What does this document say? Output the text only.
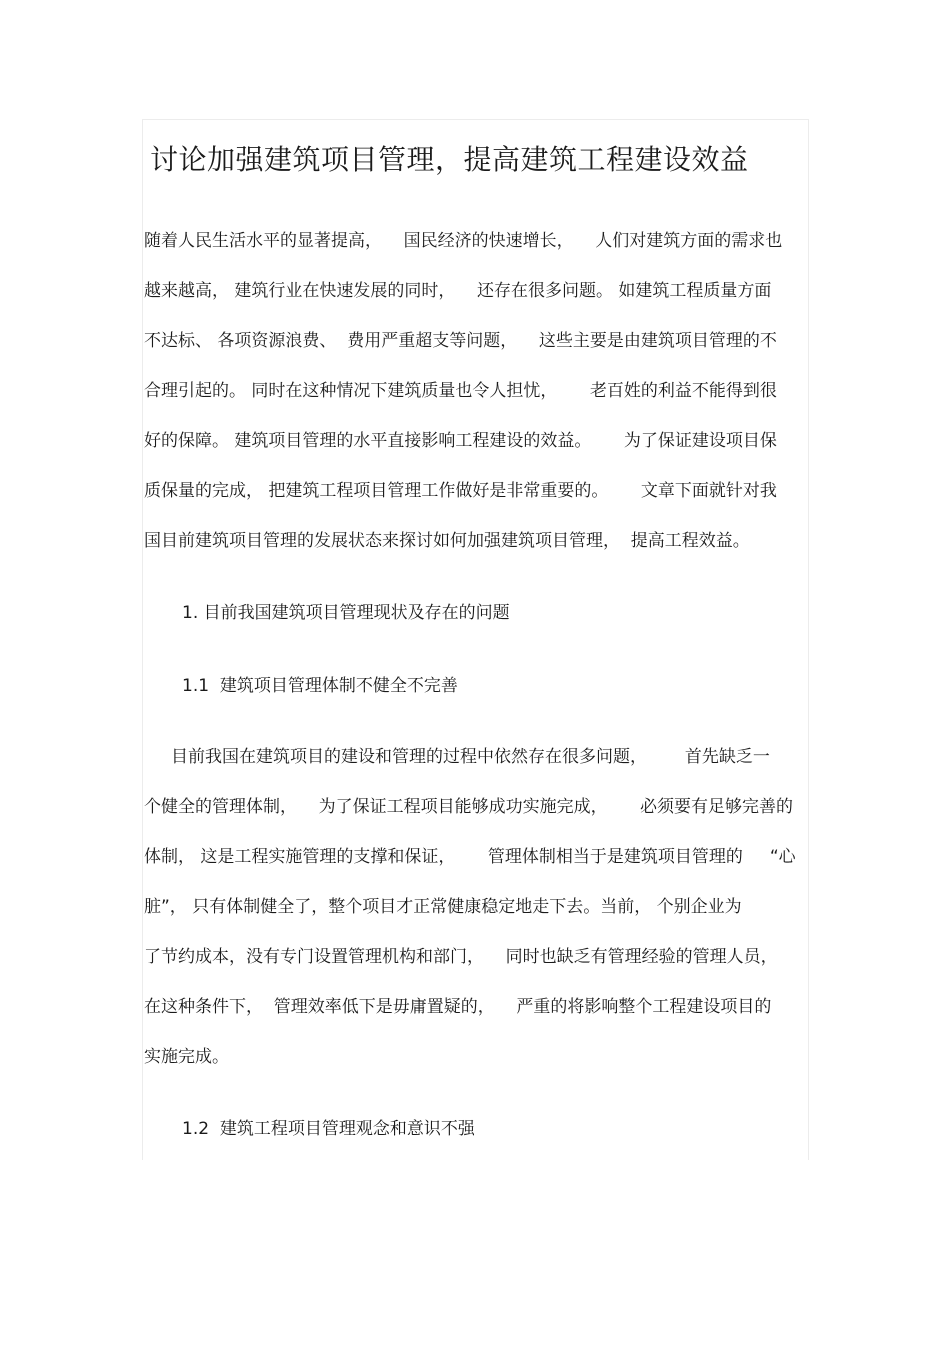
讨论加强建筑项目管理，提高建筑工程建设效益
随着人民生活水平的显著提高，    国民经济的快速增长，    人们对建筑方面的需求也
越来越高， 建筑行业在快速发展的同时，    还存在很多问题。 如建筑工程质量方面
不达标、 各项资源浪费、  费用严重超支等问题，    这些主要是由建筑项目管理的不
合理引起的。 同时在这种情况下建筑质量也令人担忧，      老百姓的利益不能得到很
好的保障。 建筑项目管理的水平直接影响工程建设的效益。      为了保证建设项目保
质保量的完成， 把建筑工程项目管理工作做好是非常重要的。      文章下面就针对我
国目前建筑项目管理的发展状态来探讨如何加强建筑项目管理，  提高工程效益。
1. 目前我国建筑项目管理现状及存在的问题
1.1  建筑项目管理体制不健全不完善
目前我国在建筑项目的建设和管理的过程中依然存在很多问题，       首先缺乏一
个健全的管理体制，    为了保证工程项目能够成功实施完成，      必须要有足够完善的
体制， 这是工程实施管理的支撑和保证，      管理体制相当于是建筑项目管理的     “心
脏”， 只有体制健全了，整个项目才正常健康稳定地走下去。当前， 个别企业为
了节约成本，没有专门设置管理机构和部门，    同时也缺乏有管理经验的管理人员，
在这种条件下，  管理效率低下是毋庸置疑的，    严重的将影响整个工程建设项目的
实施完成。
1.2  建筑工程项目管理观念和意识不强
